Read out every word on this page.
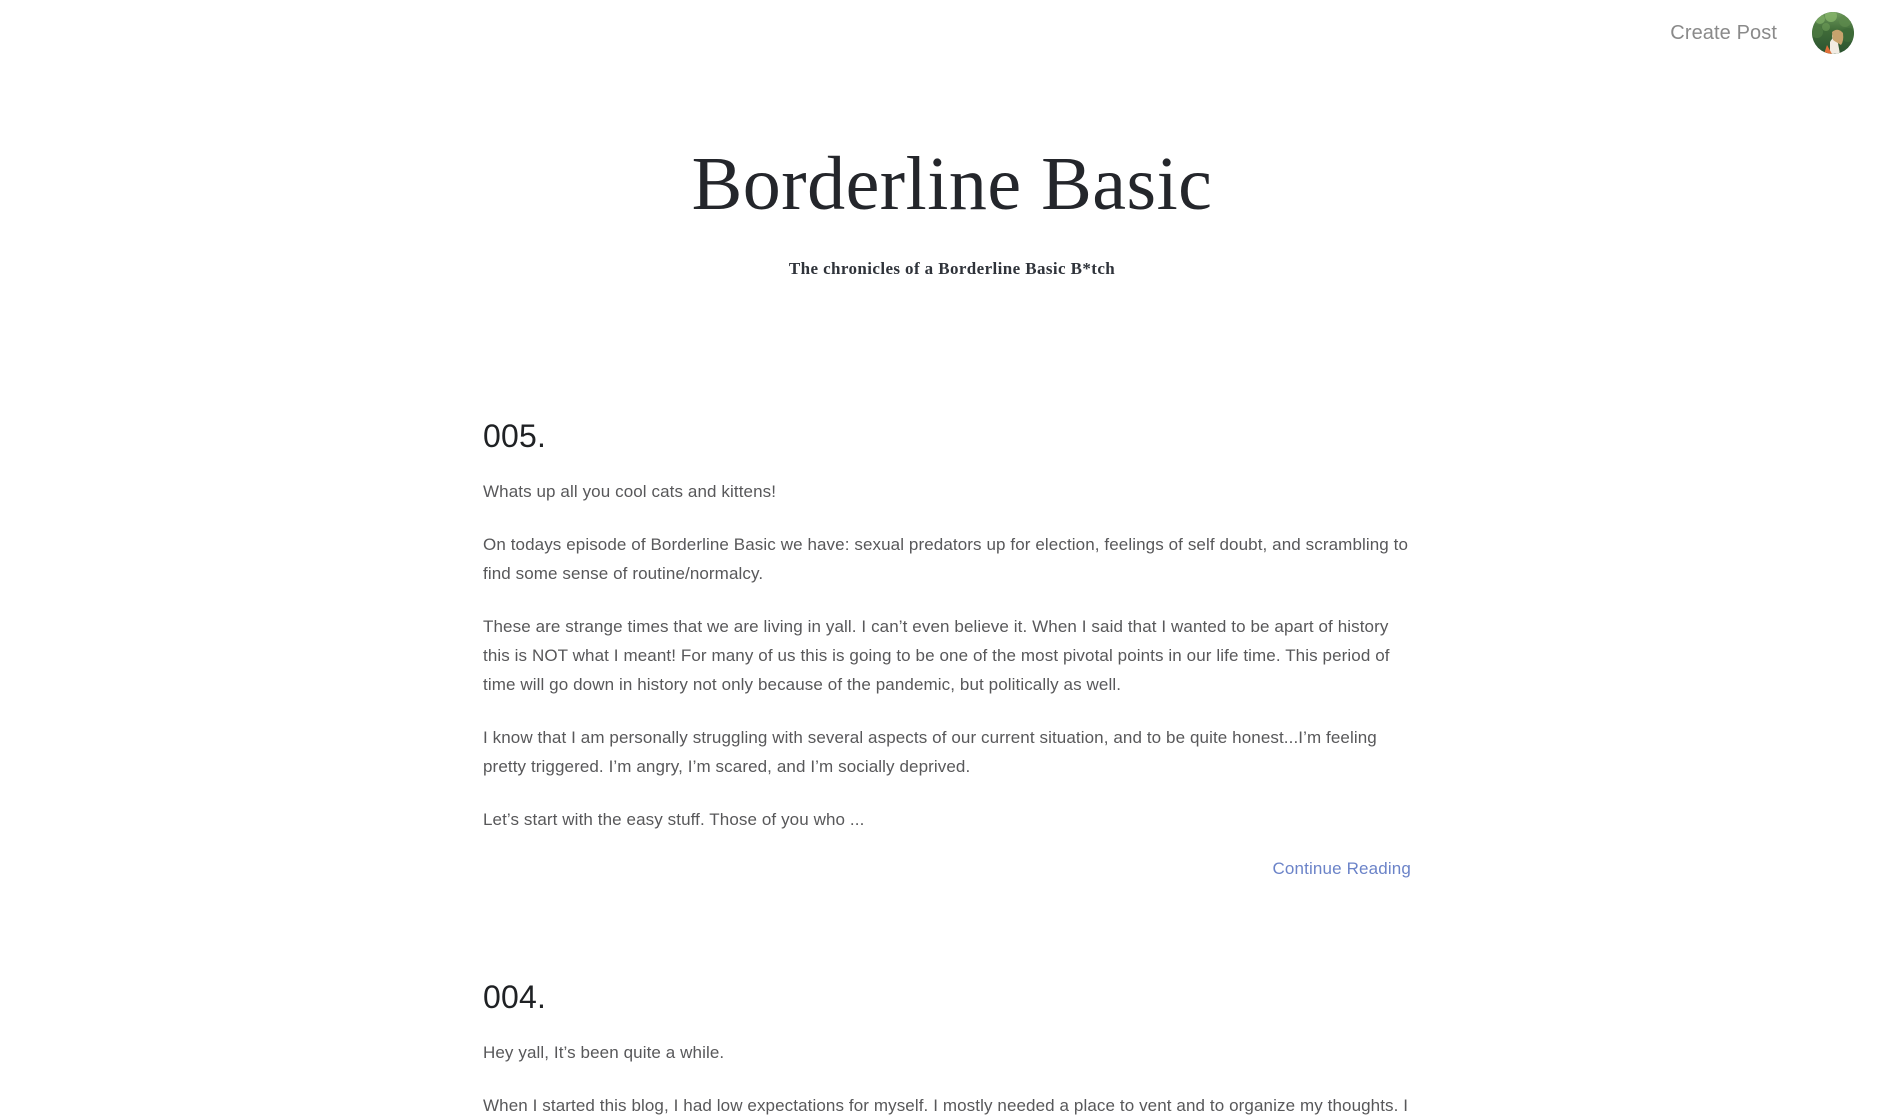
Create Post
Borderline Basic

The chronicles of a Borderline Basic B*tch

005.

Whats up all you cool cats and kittens!

On todays episode of Borderline Basic we have: sexual predators up for election, feelings of self doubt, and scrambling to find some sense of routine/normalcy.

These are strange times that we are living in yall. I can’t even believe it. When I said that I wanted to be apart of history this is NOT what I meant! For many of us this is going to be one of the most pivotal points in our life time. This period of time will go down in history not only because of the pandemic, but politically as well.

I know that I am personally struggling with several aspects of our current situation, and to be quite honest...I’m feeling pretty triggered. I’m angry, I’m scared, and I’m socially deprived.

Let’s start with the easy stuff. Those of you who ...

Continue Reading
004.

Hey yall, It’s been quite a while.

When I started this blog, I had low expectations for myself. I mostly needed a place to vent and to organize my thoughts. I
